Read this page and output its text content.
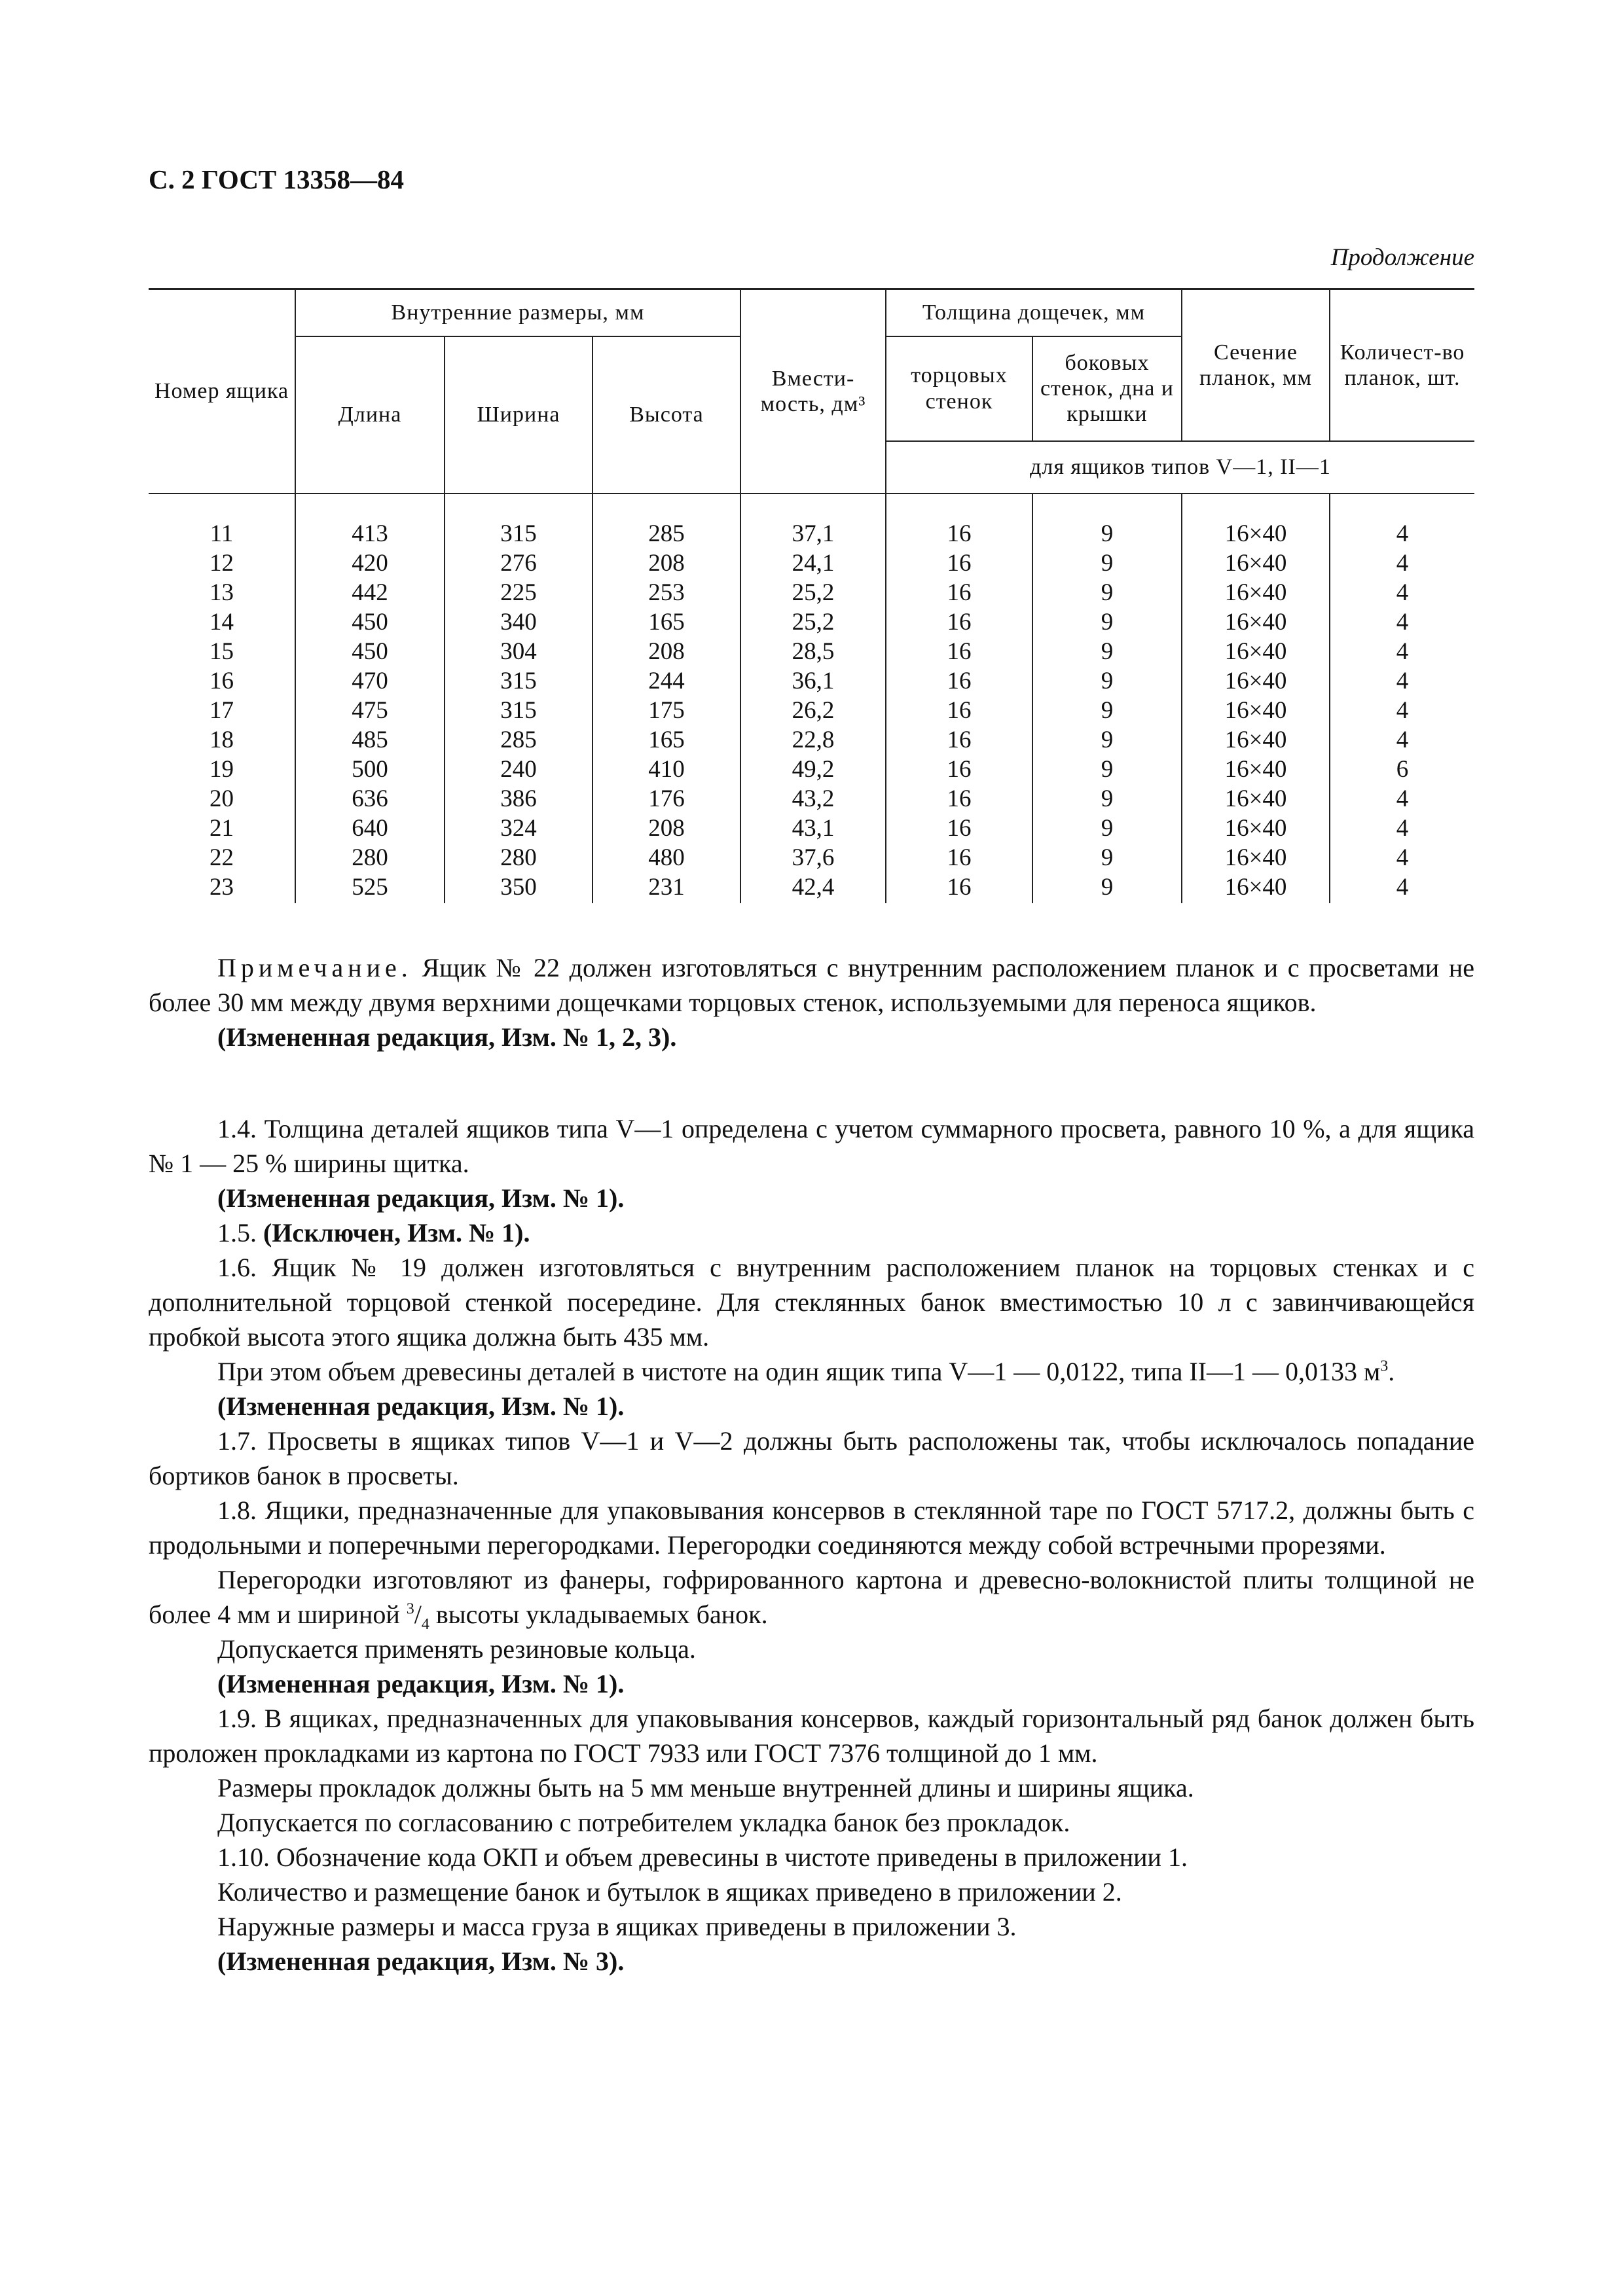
С. 2 ГОСТ 13358—84
Продолжение
Номер ящика	Внутренние размеры, мм			Вмести-мость, дм³	Толщина дощечек, мм		Сечение планок, мм	Количест-во планок, шт.
	Длина	Ширина	Высота		торцовых стенок	боковых стенок, дна и крышки		
					для ящиков типов V—1, II—1			
11	413	315	285	37,1	16	9	16×40	4
12	420	276	208	24,1	16	9	16×40	4
13	442	225	253	25,2	16	9	16×40	4
14	450	340	165	25,2	16	9	16×40	4
15	450	304	208	28,5	16	9	16×40	4
16	470	315	244	36,1	16	9	16×40	4
17	475	315	175	26,2	16	9	16×40	4
18	485	285	165	22,8	16	9	16×40	4
19	500	240	410	49,2	16	9	16×40	6
20	636	386	176	43,2	16	9	16×40	4
21	640	324	208	43,1	16	9	16×40	4
22	280	280	480	37,6	16	9	16×40	4
23	525	350	231	42,4	16	9	16×40	4

Примечание. Ящик № 22 должен изготовляться с внутренним расположением планок и с просветами не более 30 мм между двумя верхними дощечками торцовых стенок, используемыми для переноса ящиков.

(Измененная редакция, Изм. № 1, 2, 3).

1.4. Толщина деталей ящиков типа V—1 определена с учетом суммарного просвета, равного 10 %, а для ящика № 1 — 25 % ширины щитка.

(Измененная редакция, Изм. № 1).

1.5. (Исключен, Изм. № 1).

1.6. Ящик № 19 должен изготовляться с внутренним расположением планок на торцовых стенках и с дополнительной торцовой стенкой посередине. Для стеклянных банок вместимостью 10 л с завинчивающейся пробкой высота этого ящика должна быть 435 мм.

При этом объем древесины деталей в чистоте на один ящик типа V—1 — 0,0122, типа II—1 — 0,0133 $м^3$.

(Измененная редакция, Изм. № 1).

1.7. Просветы в ящиках типов V—1 и V—2 должны быть расположены так, чтобы исключалось попадание бортиков банок в просветы.

1.8. Ящики, предназначенные для упаковывания консервов в стеклянной таре по ГОСТ 5717.2, должны быть с продольными и поперечными перегородками. Перегородки соединяются между собой встречными прорезями.

Перегородки изготовляют из фанеры, гофрированного картона и древесно-волокнистой плиты толщиной не более 4 мм и шириной $^3/_4$ высоты укладываемых банок.

Допускается применять резиновые кольца.

(Измененная редакция, Изм. № 1).

1.9. В ящиках, предназначенных для упаковывания консервов, каждый горизонтальный ряд банок должен быть проложен прокладками из картона по ГОСТ 7933 или ГОСТ 7376 толщиной до 1 мм.

Размеры прокладок должны быть на 5 мм меньше внутренней длины и ширины ящика.

Допускается по согласованию с потребителем укладка банок без прокладок.

1.10. Обозначение кода ОКП и объем древесины в чистоте приведены в приложении 1.

Количество и размещение банок и бутылок в ящиках приведено в приложении 2.

Наружные размеры и масса груза в ящиках приведены в приложении 3.

(Измененная редакция, Изм. № 3).
